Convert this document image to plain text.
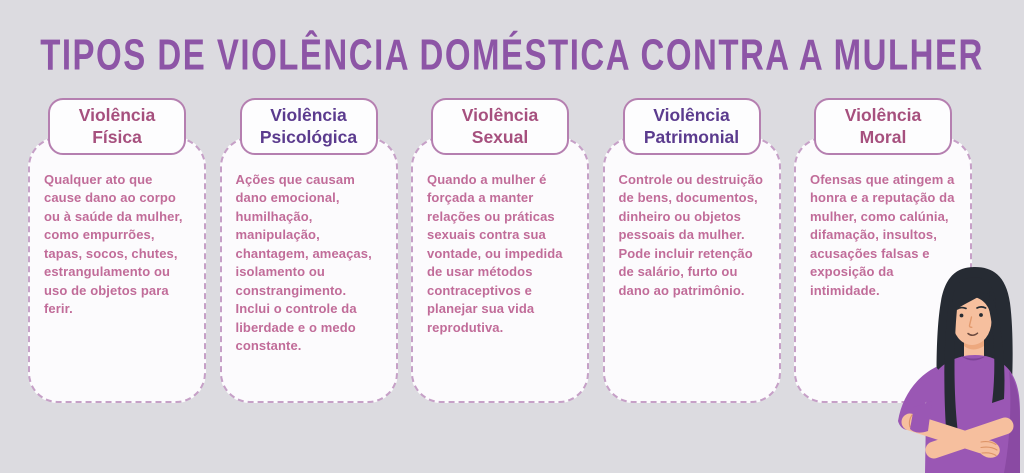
TIPOS DE VIOLÊNCIA DOMÉSTICA CONTRA A MULHER
Violência Física
Qualquer ato que cause dano ao corpo ou à saúde da mulher, como empurrões, tapas, socos, chutes, estrangulamento ou uso de objetos para ferir.
Violência Psicológica
Ações que causam dano emocional, humilhação, manipulação, chantagem, ameaças, isolamento ou constrangimento. Inclui o controle da liberdade e o medo constante.
Violência Sexual
Quando a mulher é forçada a manter relações ou práticas sexuais contra sua vontade, ou impedida de usar métodos contraceptivos e planejar sua vida reprodutiva.
Violência Patrimonial
Controle ou destruição de bens, documentos, dinheiro ou objetos pessoais da mulher. Pode incluir retenção de salário, furto ou dano ao patrimônio.
Violência Moral
Ofensas que atingem a honra e a reputação da mulher, como calúnia, difamação, insultos, acusações falsas e exposição da intimidade.
